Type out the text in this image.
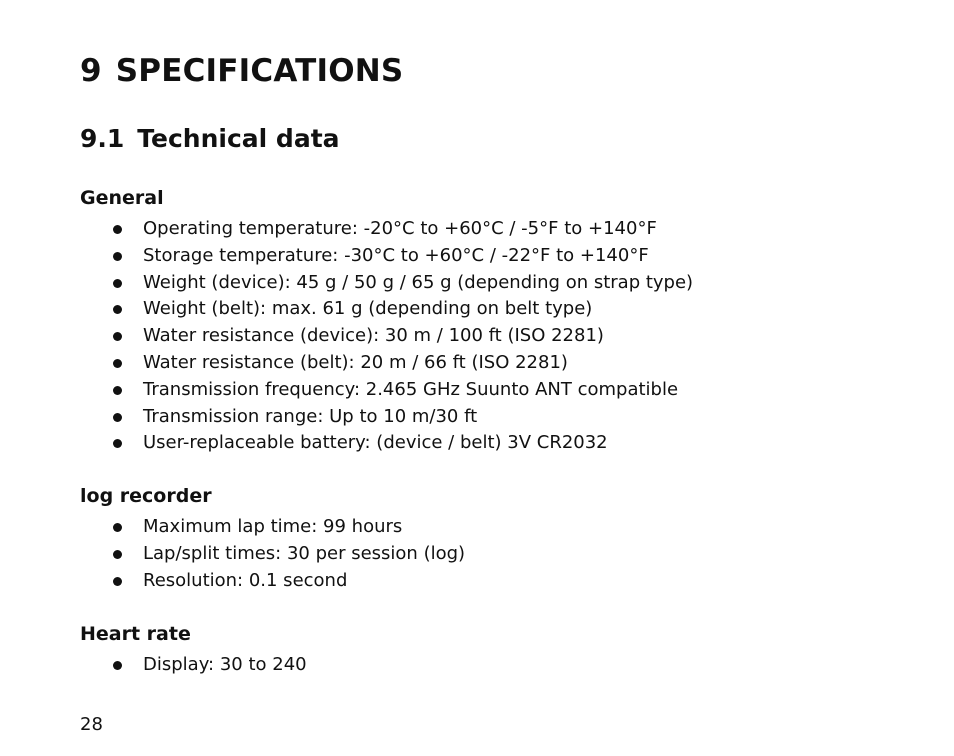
9 SPECIFICATIONS
9.1 Technical data
General
Operating temperature: -20°C to +60°C / -5°F to +140°F
Storage temperature: -30°C to +60°C / -22°F to +140°F
Weight (device): 45 g / 50 g / 65 g (depending on strap type)
Weight (belt): max. 61 g (depending on belt type)
Water resistance (device): 30 m / 100 ft (ISO 2281)
Water resistance (belt): 20 m / 66 ft (ISO 2281)
Transmission frequency: 2.465 GHz Suunto ANT compatible
Transmission range: Up to 10 m/30 ft
User-replaceable battery: (device / belt) 3V CR2032
log recorder
Maximum lap time: 99 hours
Lap/split times: 30 per session (log)
Resolution: 0.1 second
Heart rate
Display: 30 to 240
28
